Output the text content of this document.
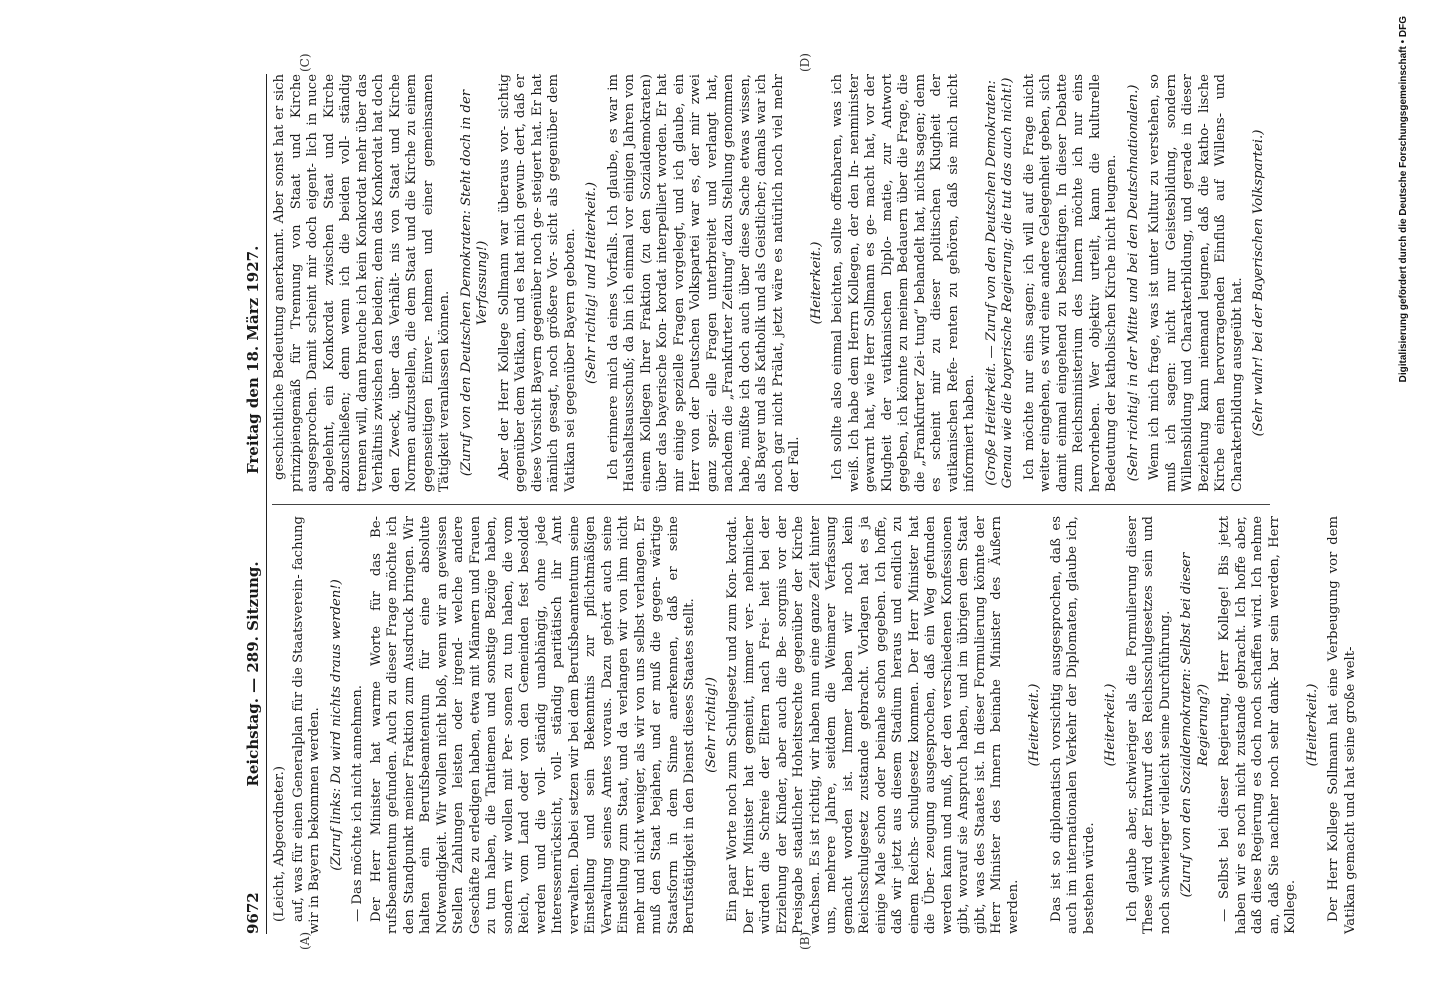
9672
Reichstag. — 289. Sitzung.
Freitag den 18. März 1927.
(A)	(B)
(C)	(D)

(Leicht, Abgeordneter.) auf, was für einen Generalplan für die Staatsverein- fachung wir in Bayern bekommen werden. (Zuruf links: Da wird nichts draus werden!) — Das möchte ich nicht annehmen. Der Herr Minister hat warme Worte für das Be- rufsbeamtentum gefunden. Auch zu dieser Frage möchte ich den Standpunkt meiner Fraktion zum Ausdruck bringen. Wir halten ein Berufsbeamtentum für eine absolute Notwendigkeit. Wir wollen nicht bloß, wenn wir an gewissen Stellen Zahlungen leisten oder irgend- welche andere Geschäfte zu erledigen haben, etwa mit Männern und Frauen zu tun haben, die Tantiemen und sonstige Bezüge haben, sondern wir wollen mit Per- sonen zu tun haben, die vom Reich, vom Land oder von den Gemeinden fest besoldet werden und die voll- ständig unabhängig, ohne jede Interessenrücksicht, voll- ständig paritätisch ihr Amt verwalten. Dabei setzen wir bei dem Berufsbeamtentum seine Einstellung und sein Bekenntnis zur pflichtmäßigen Verwaltung seines Amtes voraus. Dazu gehört auch seine Einstellung zum Staat, und da verlangen wir von ihm nicht mehr und nicht weniger, als wir von uns selbst verlangen. Er muß den Staat bejahen, und er muß die gegen- wärtige Staatsform in dem Sinne anerkennen, daß er seine Berufstätigkeit in den Dienst dieses Staates stellt. (Sehr richtig!) Ein paar Worte noch zum Schulgesetz und zum Kon- kordat. Der Herr Minister hat gemeint, immer ver- nehmlicher würden die Schreie der Eltern nach Frei- heit bei der Erziehung der Kinder, aber auch die Be- sorgnis vor der Preisgabe staatlicher Hoheitsrechte gegenüber der Kirche wachsen. Es ist richtig, wir haben nun eine ganze Zeit hinter uns, mehrere Jahre, seitdem die Weimarer Verfassung gemacht worden ist. Immer haben wir noch kein Reichsschulgesetz zustande gebracht. Vorlagen hat es ja einige Male schon oder beinahe schon gegeben. Ich hoffe, daß wir jetzt aus diesem Stadium heraus und endlich zu einem Reichs- schulgesetz kommen. Der Herr Minister hat die Über- zeugung ausgesprochen, daß ein Weg gefunden werden kann und muß, der den verschiedenen Konfessionen gibt, worauf sie Anspruch haben, und im übrigen dem Staat gibt, was des Staates ist. In dieser Formulierung könnte der Herr Minister des Innern beinahe Minister des Äußern werden.

(Heiterkeit.) Das ist so diplomatisch vorsichtig ausgesprochen, daß es auch im internationalen Verkehr der Diplomaten, glaube ich, bestehen würde.

(Heiterkeit.) Ich glaube aber, schwieriger als die Formulierung dieser These wird der Entwurf des Reichsschulgesetzes sein und noch schwieriger vielleicht seine Durchführung. (Zuruf von den Sozialdemokraten: Selbst bei dieser Regierung?) — Selbst bei dieser Regierung, Herr Kollege! Bis jetzt haben wir es noch nicht zustande gebracht. Ich hoffe aber, daß diese Regierung es doch noch schaffen wird. Ich nehme an, daß Sie nachher noch sehr dank- bar sein werden, Herr Kollege.

(Heiterkeit.) Der Herr Kollege Sollmann hat eine Verbeugung vor dem Vatikan gemacht und hat seine große welt-

geschichtliche Bedeutung anerkannt. Aber sonst hat er sich prinzipiengemäß für Trennung von Staat und Kirche ausgesprochen. Damit scheint mir doch eigent- lich in nuce abgelehnt, ein Konkordat zwischen Staat und Kirche abzuschließen; denn wenn ich die beiden voll- ständig trennen will, dann brauche ich kein Konkordat mehr über das Verhältnis zwischen den beiden; denn das Konkordat hat doch den Zweck, über das Verhält- nis von Staat und Kirche Normen aufzustellen, die dem Staat und die Kirche zu einem gegenseitigen Einver- nehmen und einer gemeinsamen Tätigkeit veranlassen können. (Zuruf von den Deutschen Demokraten: Steht doch in der Verfassung!) Aber der Herr Kollege Sollmann war überaus vor- sichtig gegenüber dem Vatikan, und es hat mich gewun- dert, daß er diese Vorsicht Bayern gegenüber noch ge- steigert hat. Er hat nämlich gesagt, noch größere Vor- sicht als gegenüber dem Vatikan sei gegenüber Bayern geboten. (Sehr richtig! und Heiterkeit.) Ich erinnere mich da eines Vorfalls. Ich glaube, es war im Haushaltsausschuß; da bin ich einmal vor einigen Jahren von einem Kollegen Ihrer Fraktion (zu den Sozialdemokraten) über das bayerische Kon- kordat interpelliert worden. Er hat mir einige spezielle Fragen vorgelegt, und ich glaube, ein Herr von der Deutschen Volkspartei war es, der mir zwei ganz spezi- elle Fragen unterbreitet und verlangt hat, nachdem die „Frankfurter Zeitung“ dazu Stellung genommen habe, müßte ich doch auch über diese Sache etwas wissen, als Bayer und als Katholik und als Geistlicher; damals war ich noch gar nicht Prälat, jetzt wäre es natürlich noch viel mehr der Fall.

(Heiterkeit.) Ich sollte also einmal beichten, sollte offenbaren, was ich weiß. Ich habe dem Herrn Kollegen, der den In- nenminister gewarnt hat, wie Herr Sollmann es ge- macht hat, vor der Klugheit der vatikanischen Diplo- matie, zur Antwort gegeben, ich könnte zu meinem Bedauern über die Frage, die die „Frankfurter Zei- tung“ behandelt hat, nichts sagen; denn es scheint mir zu dieser politischen Klugheit der vatikanischen Refe- renten zu gehören, daß sie mich nicht informiert haben. (Große Heiterkeit. — Zuruf von den Deutschen Demokraten: Genau wie die bayerische Regierung; die tut das auch nicht!) Ich möchte nur eins sagen; ich will auf die Frage nicht weiter eingehen, es wird eine andere Gelegenheit geben, sich damit einmal eingehend zu beschäftigen. In dieser Debatte zum Reichsministerium des Innern möchte ich nur eins hervorheben. Wer objektiv urteilt, kann die kulturelle Bedeutung der katholischen Kirche nicht leugnen. (Sehr richtig! in der Mitte und bei den Deutschnationalen.) Wenn ich mich frage, was ist unter Kultur zu verstehen, so muß ich sagen: nicht nur Geistesbildung, sondern Willensbildung und Charakterbildung, und gerade in dieser Beziehung kann niemand leugnen, daß die katho- lische Kirche einen hervorragenden Einfluß auf Willens- und Charakterbildung ausgeübt hat. (Sehr wahr! bei der Bayerischen Volkspartei.)	Digitalisierung gefördert durch die Deutsche Forschungsgemeinschaft • DFG
